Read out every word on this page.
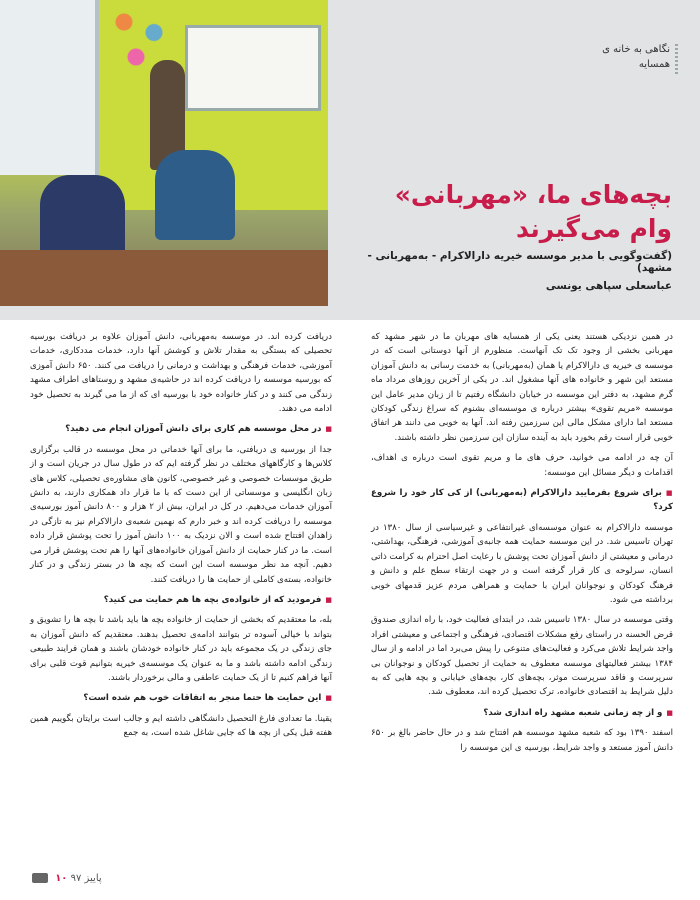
نگاهی به خانه ی همسایه
بچه‌های ما، «مهربانی» وام می‌گیرند
(گفت‌وگویی با مدیر موسسه خیریه دارالاکرام - به‌مهربانی - مشهد)
عباسعلی سپاهی یونسی

در همین نزدیکی هستند یعنی یکی از همسایه های مهربان ما در شهر مشهد که مهربانی بخشی از وجود تک تک آنهاست. منظورم از آنها دوستانی است که در موسسه ی خیریه ی دارالاکرام یا همان (به‌مهربانی) به خدمت رسانی به دانش آموزان مستعد این شهر و خانواده های آنها مشغول اند. در یکی از آخرین روزهای مرداد ماه گرم مشهد، به دفتر این موسسه در خیابان دانشگاه رفتیم تا از زبان مدیر عامل این موسسه «مریم تقوی» بیشتر درباره ی موسسه‌ای بشنوم که سراغ زندگی کودکان مستعد اما دارای مشکل مالی این سرزمین رفته اند. آنها به خوبی می دانند هر اتفاق خوبی قرار است رقم بخورد باید به آینده سازان این سرزمین نظر داشته باشند.

آن چه در ادامه می خوانید، حرف های ما و مریم تقوی است درباره ی اهداف، اقدامات و دیگر مسائل این موسسه:

■ برای شروع بفرمایید دارالاکرام (به‌مهربانی) از کی کار خود را شروع کرد؟

موسسه دارالاکرام به عنوان موسسه‌ای غیرانتفاعی و غیرسیاسی از سال ۱۳۸۰ در تهران تاسیس شد. در این موسسه حمایت همه جانبه‌ی آموزشی، فرهنگی، بهداشتی، درمانی و معیشتی از دانش آموزان تحت پوشش با رعایت اصل احترام به کرامت ذاتی انسان، سرلوحه ی کار قرار گرفته است و در جهت ارتقاء سطح علم و دانش و فرهنگ کودکان و نوجوانان ایران با حمایت و همراهی مردم عزیز قدمهای خوبی برداشته می شود.

وقتی موسسه در سال ۱۳۸۰ تاسیس شد، در ابتدای فعالیت خود، با راه اندازی صندوق قرض الحسنه در راستای رفع مشکلات اقتصادی، فرهنگی و اجتماعی و معیشتی افراد واجد شرایط تلاش می‌کرد و فعالیت‌های متنوعی را پیش می‌برد اما در ادامه و از سال ۱۳۸۴ بیشتر فعالیتهای موسسه معطوف به حمایت از تحصیل کودکان و نوجوانان بی سرپرست و فاقد سرپرست موثر، بچه‌های کار، بچه‌های خیابانی و بچه هایی که به دلیل شرایط بد اقتصادی خانواده، ترک تحصیل کرده اند، معطوف شد.

■ و از چه زمانی شعبه مشهد راه اندازی شد؟

اسفند ۱۳۹۰ بود که شعبه مشهد موسسه هم افتتاح شد و در حال حاضر بالغ بر ۶۵۰ دانش آموز مستعد و واجد شرایط، بورسیه ی این موسسه را

دریافت کرده اند. در موسسه به‌مهربانی، دانش آموزان علاوه بر دریافت بورسیه تحصیلی که بستگی به مقدار تلاش و کوشش آنها دارد، خدمات مددکاری، خدمات آموزشی، خدمات فرهنگی و بهداشت و درمانی را دریافت می کنند. ۶۵۰ دانش آموزی که بورسیه موسسه را دریافت کرده اند در حاشیه‌ی مشهد و روستاهای اطراف مشهد زندگی می کنند و در کنار خانواده خود با بورسیه ای که از ما می گیرند به تحصیل خود ادامه می دهند.

■ در محل موسسه هم کاری برای دانش آموزان انجام می دهید؟

جدا از بورسیه ی دریافتی، ما برای آنها خدماتی در محل موسسه در قالب برگزاری کلاس‌ها و کارگاههای مختلف در نظر گرفته ایم که در طول سال در جریان است و از طریق موسسات خصوصی و غیر خصوصی، کانون های مشاوره‌ی تحصیلی، کلاس های زبان انگلیسی و موسساتی از این دست که با ما قرار داد همکاری دارند، به دانش آموزان خدمات می‌دهیم. در کل در ایران، بیش از ۲ هزار و ۸۰۰ دانش آموز بورسیه‌ی موسسه را دریافت کرده اند و خبر دارم که نهمین شعبه‌ی دارالاکرام نیز به تازگی در زاهدان افتتاح شده است و الان نزدیک به ۱۰۰ دانش آموز را تحت پوشش قرار داده است. ما در کنار حمایت از دانش آموزان خانواده‌های آنها را هم تحت پوشش قرار می دهیم. آنچه مد نظر موسسه است این است که بچه ها در بستر زندگی و در کنار خانواده، بسته‌ی کاملی از حمایت ها را دریافت کنند.

■ فرمودید که از خانواده‌ی بچه ها هم حمایت می کنید؟

بله، ما معتقدیم که بخشی از حمایت از خانواده بچه ها باید باشد تا بچه ها را تشویق و بتواند با خیالی آسوده تر بتوانند ادامه‌ی تحصیل بدهند. معتقدیم که دانش آموزان به جای زندگی در یک مجموعه باید در کنار خانواده خودشان باشند و همان فرایند طبیعی زندگی ادامه داشته باشد و ما به عنوان یک موسسه‌ی خیریه بتوانیم قوت قلبی برای آنها فراهم کنیم تا از یک حمایت عاطفی و مالی برخوردار باشند.

■ این حمایت ها حتما منجر به اتفاقات خوب هم شده است؟

یقینا. ما تعدادی فارغ التحصیل دانشگاهی داشته ایم و جالب است برایتان بگوییم همین هفته قبل یکی از بچه ها که جایی شاغل شده است، به جمع

پاییز ۹۷ ۱۰
